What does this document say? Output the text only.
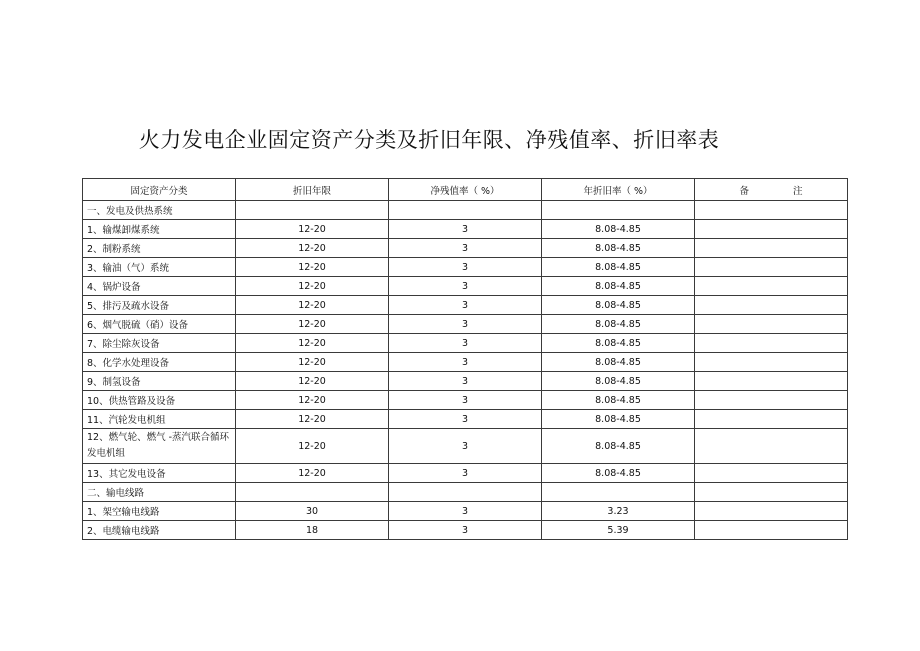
火力发电企业固定资产分类及折旧年限、净残值率、折旧率表
固定资产分类	折旧年限	净残值率（ %）	年折旧率（ %）	备 注
一、发电及供热系统				
1、输煤卸煤系统	12-20	3	8.08-4.85	
2、制粉系统	12-20	3	8.08-4.85	
3、输油（气）系统	12-20	3	8.08-4.85	
4、锅炉设备	12-20	3	8.08-4.85	
5、排污及疏水设备	12-20	3	8.08-4.85	
6、烟气脱硫（硝）设备	12-20	3	8.08-4.85	
7、除尘除灰设备	12-20	3	8.08-4.85	
8、化学水处理设备	12-20	3	8.08-4.85	
9、制氢设备	12-20	3	8.08-4.85	
10、供热管路及设备	12-20	3	8.08-4.85	
11、汽轮发电机组	12-20	3	8.08-4.85	
12、燃气轮、燃气 -蒸汽联合循环发电机组	12-20	3	8.08-4.85	
13、其它发电设备	12-20	3	8.08-4.85	
二、输电线路				
1、架空输电线路	30	3	3.23	
2、电缆输电线路	18	3	5.39	
